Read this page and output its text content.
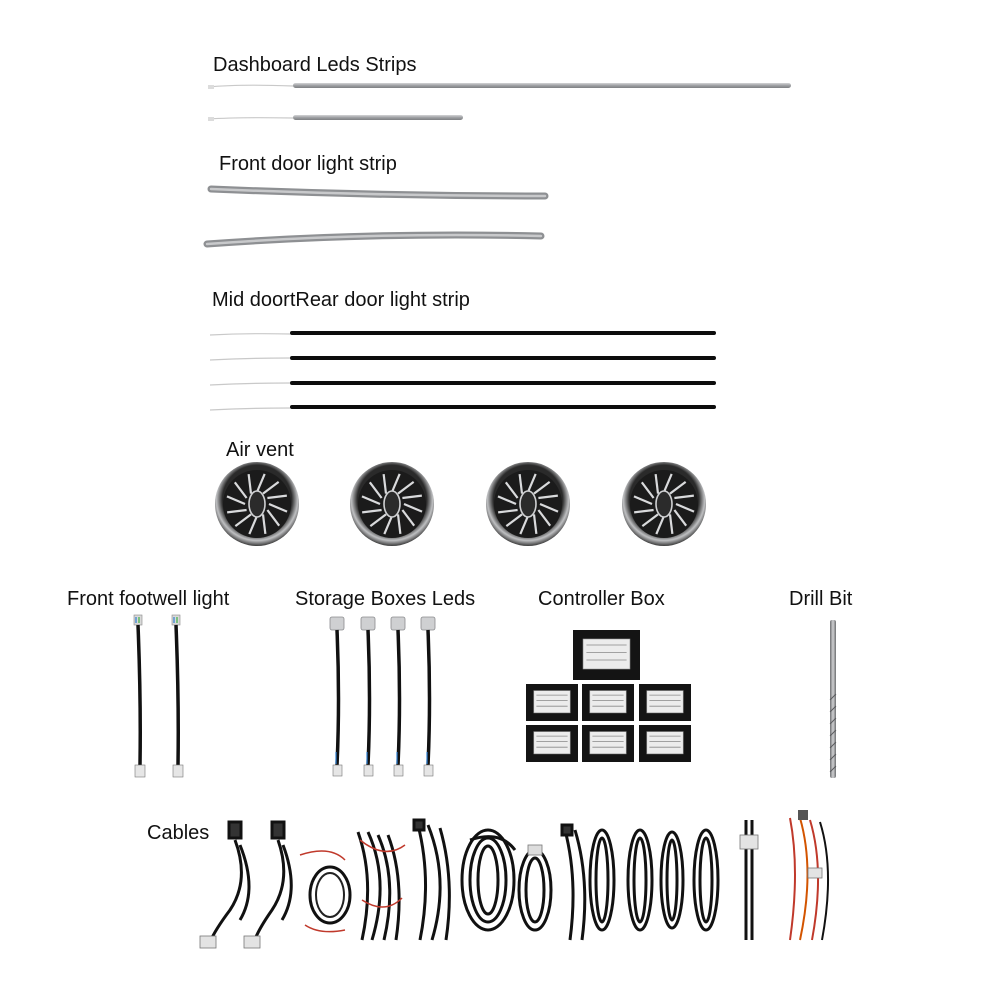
Dashboard Leds Strips
Front door light strip
Mid doortRear door light strip
Air vent
Front footwell light	Storage Boxes Leds	Controller Box	Drill Bit
Cables
